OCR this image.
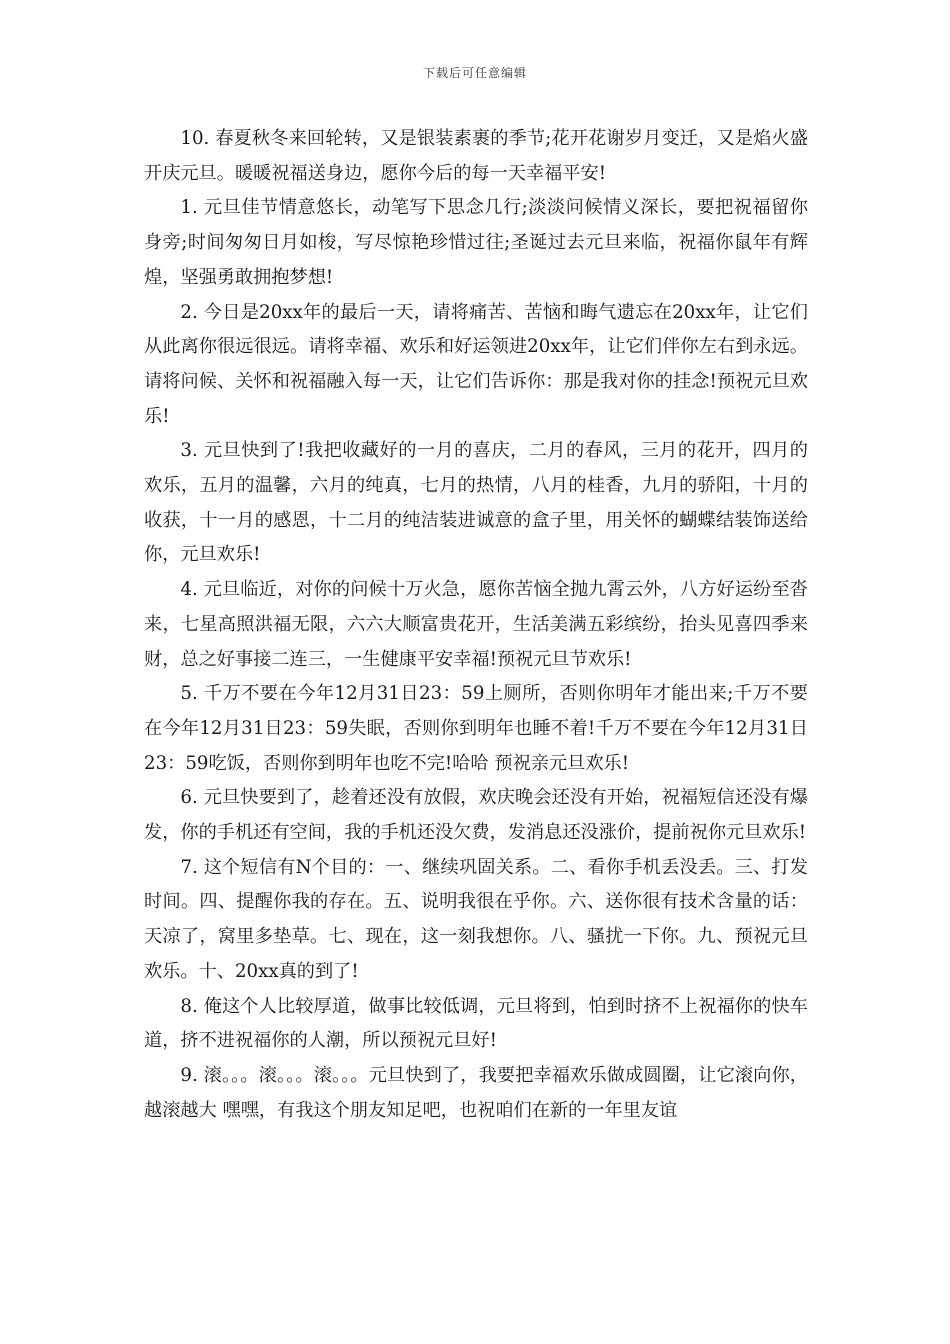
下载后可任意编辑

10. 春夏秋冬来回轮转，又是银装素裹的季节;花开花谢岁月变迁，又是焰火盛开庆元旦。暖暖祝福送身边，愿你今后的每一天幸福平安!

1. 元旦佳节情意悠长，动笔写下思念几行;淡淡问候情义深长，要把祝福留你身旁;时间匆匆日月如梭，写尽惊艳珍惜过往;圣诞过去元旦来临，祝福你鼠年有辉煌，坚强勇敢拥抱梦想!

2. 今日是20xx年的最后一天，请将痛苦、苦恼和晦气遗忘在20xx年，让它们从此离你很远很远。请将幸福、欢乐和好运领进20xx年，让它们伴你左右到永远。请将问候、关怀和祝福融入每一天，让它们告诉你：那是我对你的挂念!预祝元旦欢乐!

3. 元旦快到了!我把收藏好的一月的喜庆，二月的春风，三月的花开，四月的欢乐，五月的温馨，六月的纯真，七月的热情，八月的桂香，九月的骄阳，十月的收获，十一月的感恩，十二月的纯洁装进诚意的盒子里，用关怀的蝴蝶结装饰送给你，元旦欢乐!

4. 元旦临近，对你的问候十万火急，愿你苦恼全抛九霄云外，八方好运纷至沓来，七星高照洪福无限，六六大顺富贵花开，生活美满五彩缤纷，抬头见喜四季来财，总之好事接二连三，一生健康平安幸福!预祝元旦节欢乐!

5. 千万不要在今年12月31日23：59上厕所，否则你明年才能出来;千万不要在今年12月31日23：59失眠，否则你到明年也睡不着!千万不要在今年12月31日23：59吃饭，否则你到明年也吃不完!哈哈 预祝亲元旦欢乐!

6. 元旦快要到了，趁着还没有放假，欢庆晚会还没有开始，祝福短信还没有爆发，你的手机还有空间，我的手机还没欠费，发消息还没涨价，提前祝你元旦欢乐!

7. 这个短信有N个目的：一、继续巩固关系。二、看你手机丢没丢。三、打发时间。四、提醒你我的存在。五、说明我很在乎你。六、送你很有技术含量的话：天凉了，窝里多垫草。七、现在，这一刻我想你。八、骚扰一下你。九、预祝元旦欢乐。十、20xx真的到了!

8. 俺这个人比较厚道，做事比较低调，元旦将到，怕到时挤不上祝福你的快车道，挤不进祝福你的人潮，所以预祝元旦好!

9. 滚。。。滚。。。滚。。。元旦快到了，我要把幸福欢乐做成圆圈，让它滚向你，越滚越大 嘿嘿，有我这个朋友知足吧，也祝咱们在新的一年里友谊
